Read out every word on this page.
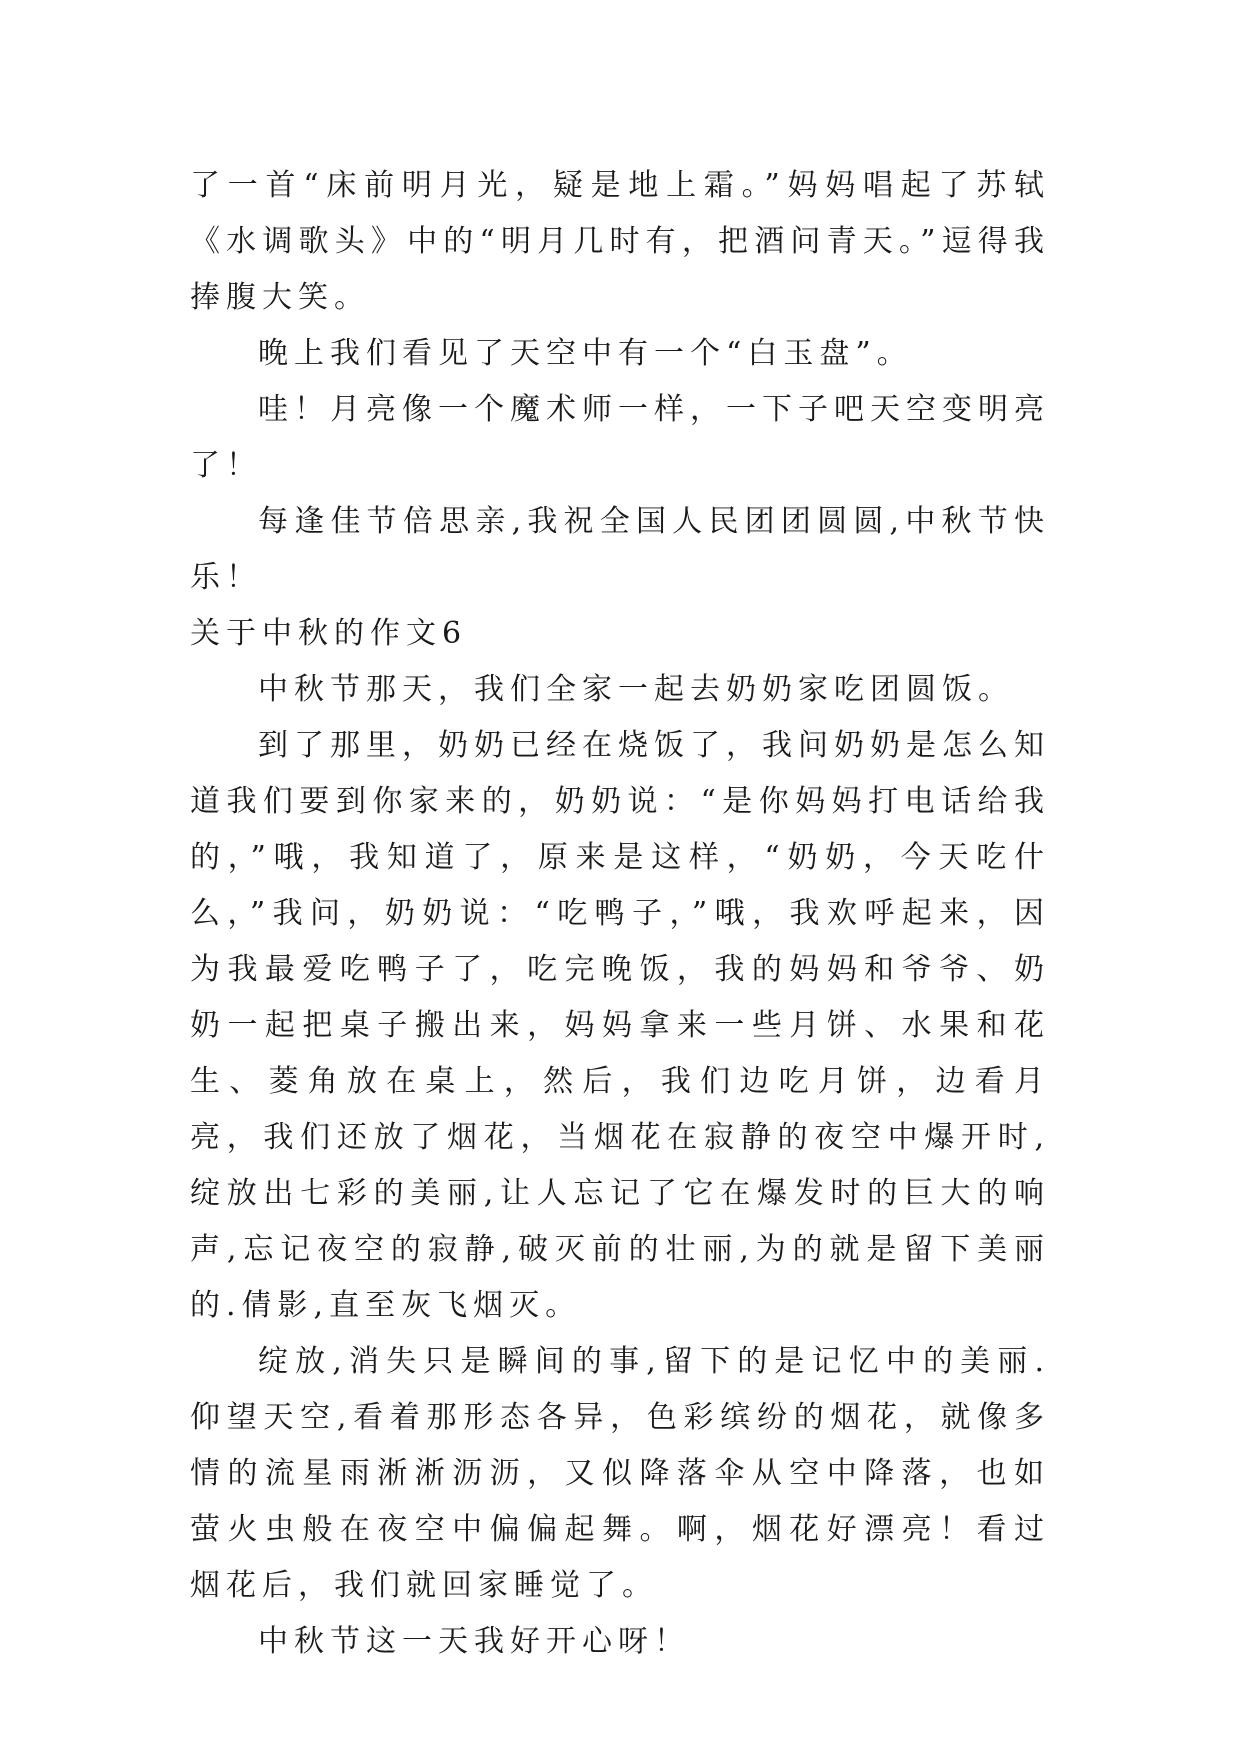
了一首“床前明月光，疑是地上霜。”妈妈唱起了苏轼《水调歌头》中的“明月几时有，把酒问青天。”逗得我捧腹大笑。

晚上我们看见了天空中有一个“白玉盘”。

哇！月亮像一个魔术师一样，一下子吧天空变明亮了！

每逢佳节倍思亲,我祝全国人民团团圆圆,中秋节快乐！

关于中秋的作文6

中秋节那天，我们全家一起去奶奶家吃团圆饭。

到了那里，奶奶已经在烧饭了，我问奶奶是怎么知道我们要到你家来的，奶奶说：“是你妈妈打电话给我的，”哦，我知道了，原来是这样，“奶奶，今天吃什么，”我问，奶奶说：“吃鸭子，”哦，我欢呼起来，因为我最爱吃鸭子了，吃完晚饭，我的妈妈和爷爷、奶奶一起把桌子搬出来，妈妈拿来一些月饼、水果和花生、菱角放在桌上，然后，我们边吃月饼，边看月亮，我们还放了烟花，当烟花在寂静的夜空中爆开时,绽放出七彩的美丽,让人忘记了它在爆发时的巨大的响声,忘记夜空的寂静,破灭前的壮丽,为的就是留下美丽的.倩影,直至灰飞烟灭。

绽放,消失只是瞬间的事,留下的是记忆中的美丽.仰望天空,看着那形态各异，色彩缤纷的烟花，就像多情的流星雨淅淅沥沥，又似降落伞从空中降落，也如萤火虫般在夜空中偏偏起舞。啊，烟花好漂亮！看过烟花后，我们就回家睡觉了。

中秋节这一天我好开心呀！
